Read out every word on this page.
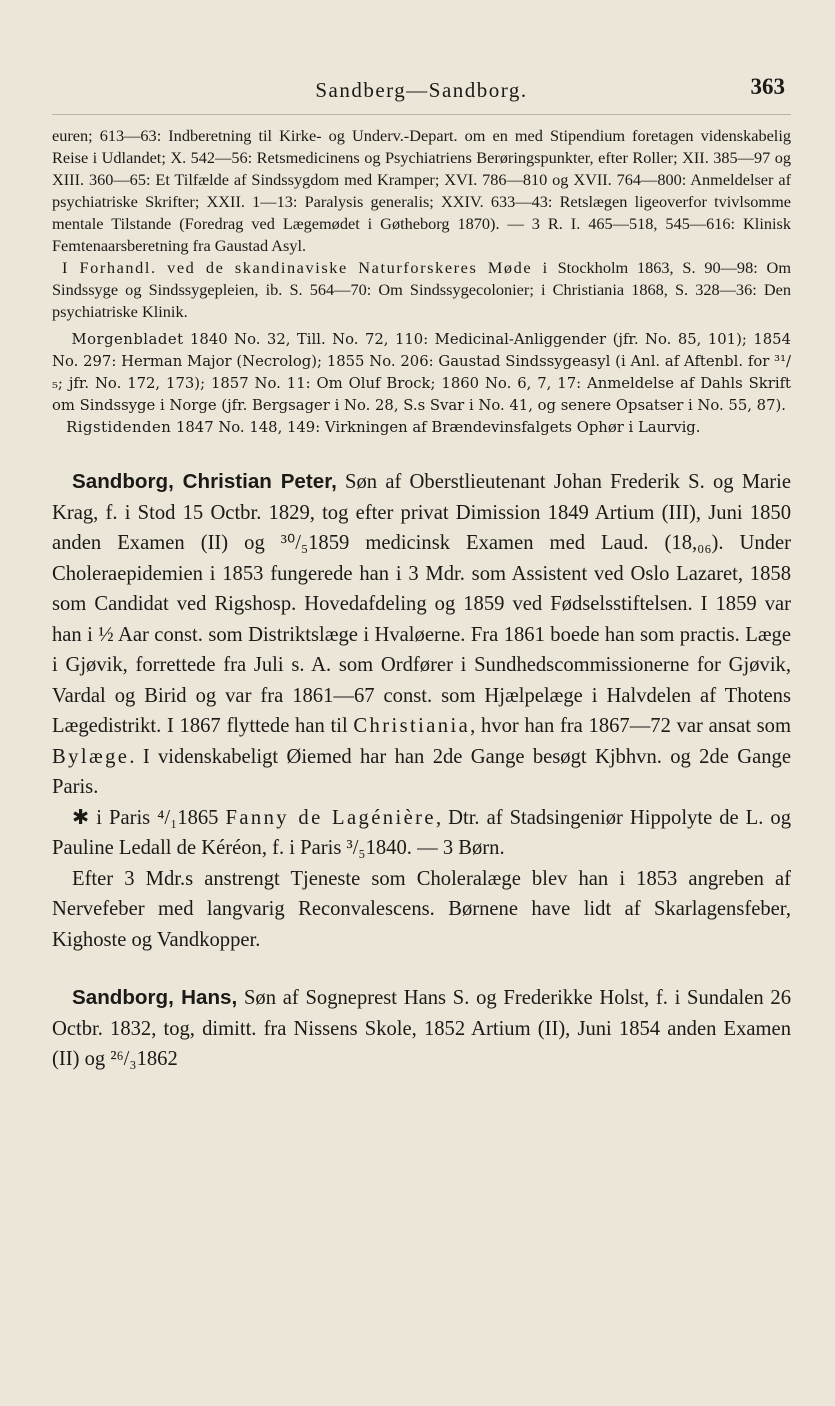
Sandberg—Sandborg.	363

euren; 613—63: Indberetning til Kirke- og Underv.-Depart. om en med Stipendium foretagen videnskabelig Reise i Udlandet; X. 542—56: Retsmedicinens og Psychiatriens Berøringspunkter, efter Roller; XII. 385—97 og XIII. 360—65: Et Tilfælde af Sindssygdom med Kramper; XVI. 786—810 og XVII. 764—800: Anmeldelser af psychiatriske Skrifter; XXII. 1—13: Paralysis generalis; XXIV. 633—43: Retslægen ligeoverfor tvivlsomme mentale Tilstande (Foredrag ved Lægemødet i Gøtheborg 1870). — 3 R. I. 465—518, 545—616: Klinisk Femtenaarsberetning fra Gaustad Asyl.

I Forhandl. ved de skandinaviske Naturforskeres Møde i Stockholm 1863, S. 90—98: Om Sindssyge og Sindssygepleien, ib. S. 564—70: Om Sindssygecolonier; i Christiania 1868, S. 328—36: Den psychiatriske Klinik.

Morgenbladet 1840 No. 32, Till. No. 72, 110: Medicinal-Anliggender (jfr. No. 85, 101); 1854 No. 297: Herman Major (Necrolog); 1855 No. 206: Gaustad Sindssygeasyl (i Anl. af Aftenbl. for ³¹/₅; jfr. No. 172, 173); 1857 No. 11: Om Oluf Brock; 1860 No. 6, 7, 17: Anmeldelse af Dahls Skrift om Sindssyge i Norge (jfr. Bergsager i No. 28, S.s Svar i No. 41, og senere Opsatser i No. 55, 87).

Rigstidenden 1847 No. 148, 149: Virkningen af Brændevinsfalgets Ophør i Laurvig.

Sandborg, Christian Peter, Søn af Oberstlieutenant Johan Frederik S. og Marie Krag, f. i Stod 15 Octbr. 1829, tog efter privat Dimission 1849 Artium (III), Juni 1850 anden Examen (II) og ³⁰/₅1859 medicinsk Examen med Laud. (18,₀₆). Under Choleraepidemien i 1853 fungerede han i 3 Mdr. som Assistent ved Oslo Lazaret, 1858 som Candidat ved Rigshosp. Hovedafdeling og 1859 ved Fødselsstiftelsen. I 1859 var han i ½ Aar const. som Distriktslæge i Hvaløerne. Fra 1861 boede han som practis. Læge i Gjøvik, forrettede fra Juli s. A. som Ordfører i Sundhedscommissionerne for Gjøvik, Vardal og Birid og var fra 1861—67 const. som Hjælpelæge i Halvdelen af Thotens Lægedistrikt. I 1867 flyttede han til Christiania, hvor han fra 1867—72 var ansat som Bylæge. I videnskabeligt Øiemed har han 2de Gange besøgt Kjbhvn. og 2de Gange Paris.

✱ i Paris ⁴/₁1865 Fanny de Lagénière, Dtr. af Stadsingeniør Hippolyte de L. og Pauline Ledall de Kéréon, f. i Paris ³/₅1840. — 3 Børn.

Efter 3 Mdr.s anstrengt Tjeneste som Choleralæge blev han i 1853 angreben af Nervefeber med langvarig Reconvalescens. Børnene have lidt af Skarlagensfeber, Kighoste og Vandkopper.

Sandborg, Hans, Søn af Sogneprest Hans S. og Frederikke Holst, f. i Sundalen 26 Octbr. 1832, tog, dimitt. fra Nissens Skole, 1852 Artium (II), Juni 1854 anden Examen (II) og ²⁶/₃1862
